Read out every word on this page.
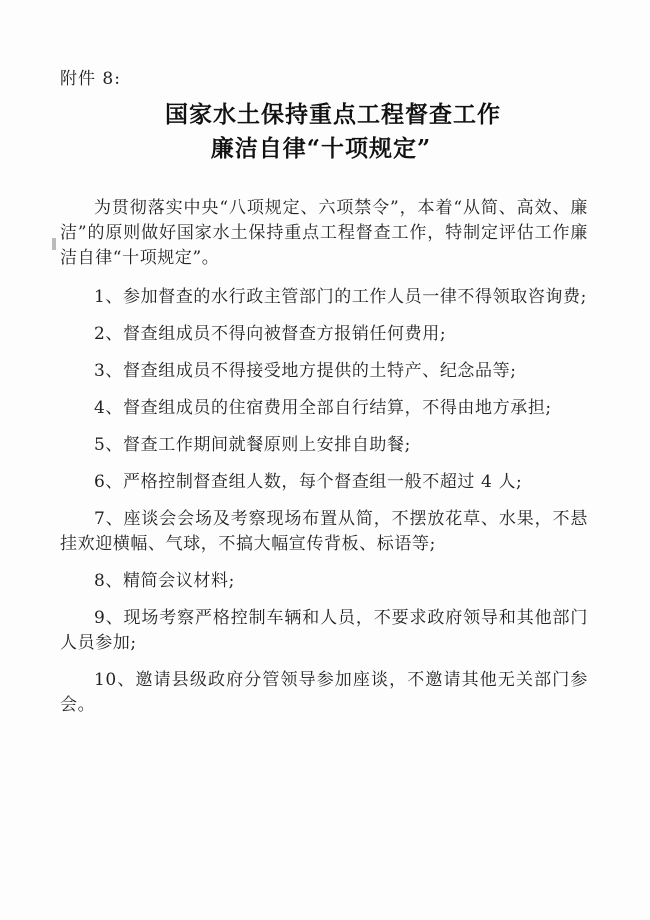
附件 8:
国家水土保持重点工程督查工作
廉洁自律“十项规定”

为贯彻落实中央“八项规定、六项禁令”，本着“从简、高效、廉洁”的原则做好国家水土保持重点工程督查工作，特制定评估工作廉洁自律“十项规定”。

1、参加督查的水行政主管部门的工作人员一律不得领取咨询费;

2、督查组成员不得向被督查方报销任何费用;

3、督查组成员不得接受地方提供的土特产、纪念品等;

4、督查组成员的住宿费用全部自行结算，不得由地方承担;

5、督查工作期间就餐原则上安排自助餐;

6、严格控制督查组人数，每个督查组一般不超过 4 人;

7、座谈会会场及考察现场布置从简，不摆放花草、水果，不悬挂欢迎横幅、气球，不搞大幅宣传背板、标语等;

8、精简会议材料;

9、现场考察严格控制车辆和人员，不要求政府领导和其他部门人员参加;

10、邀请县级政府分管领导参加座谈，不邀请其他无关部门参会。
